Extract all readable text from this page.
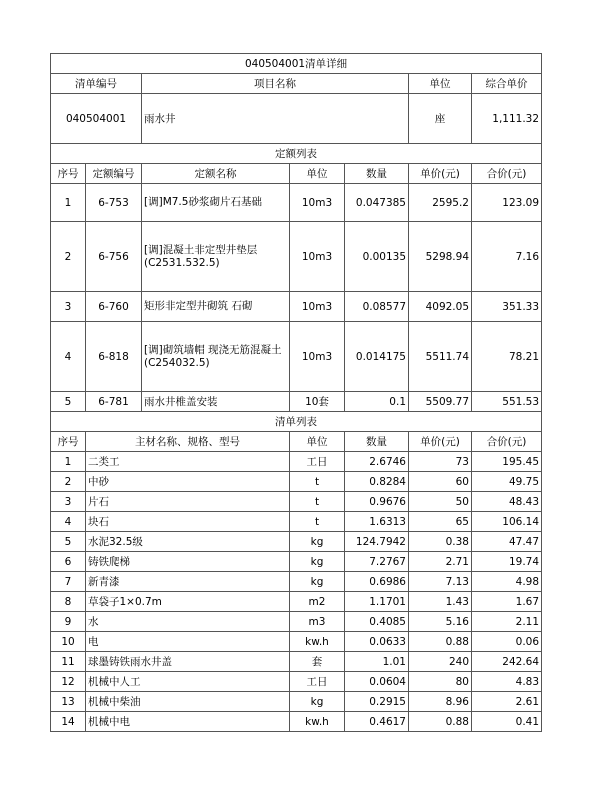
040504001清单详细						
清单编号		项目名称			单位	综合单价
040504001		雨水井			座	1,111.32
定额列表						
序号	定额编号	定额名称	单位	数量	单价(元)	合价(元)
1	6-753	[调]M7.5砂浆砌片石基础	10m3	0.047385	2595.2	123.09
2	6-756	[调]混凝土非定型井垫层(C2531.532.5)	10m3	0.00135	5298.94	7.16
3	6-760	矩形非定型井砌筑 石砌	10m3	0.08577	4092.05	351.33
4	6-818	[调]砌筑墙帽 现浇无筋混凝土(C254032.5)	10m3	0.014175	5511.74	78.21
5	6-781	雨水井椎盖安装	10套	0.1	5509.77	551.53
清单列表						
序号	主材名称、规格、型号		单位	数量	单价(元)	合价(元)
1	二类工		工日	2.6746	73	195.45
2	中砂		t	0.8284	60	49.75
3	片石		t	0.9676	50	48.43
4	块石		t	1.6313	65	106.14
5	水泥32.5级		kg	124.7942	0.38	47.47
6	铸铁爬梯		kg	7.2767	2.71	19.74
7	新青漆		kg	0.6986	7.13	4.98
8	草袋子1×0.7m		m2	1.1701	1.43	1.67
9	水		m3	0.4085	5.16	2.11
10	电		kw.h	0.0633	0.88	0.06
11	球墨铸铁雨水井盖		套	1.01	240	242.64
12	机械中人工		工日	0.0604	80	4.83
13	机械中柴油		kg	0.2915	8.96	2.61
14	机械中电		kw.h	0.4617	0.88	0.41
